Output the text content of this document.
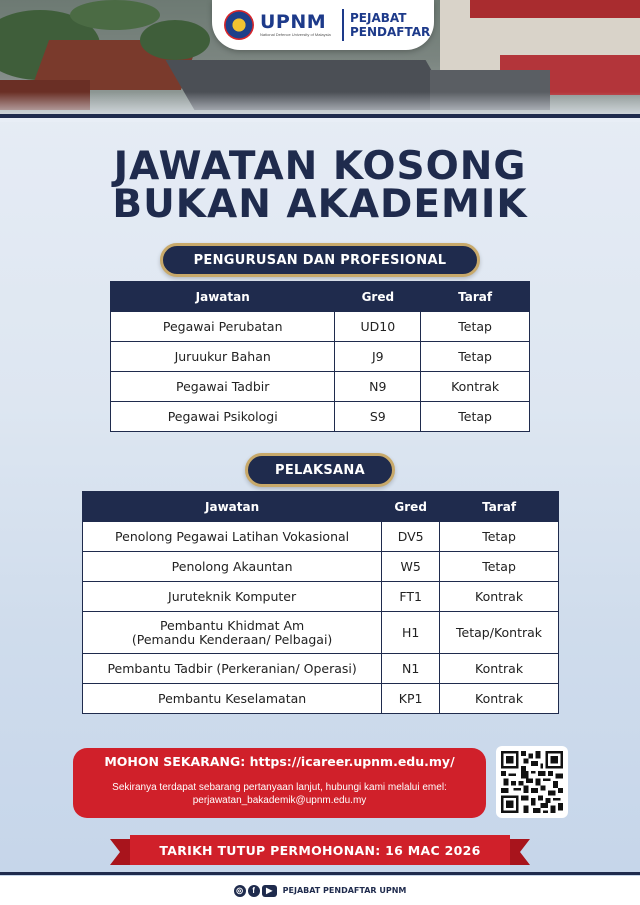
UPNM
National Defence University of Malaysia
PEJABAT
PENDAFTAR
JAWATAN KOSONG
BUKAN AKADEMIK
PENGURUSAN DAN PROFESIONAL
Jawatan	Gred	Taraf
Pegawai Perubatan	UD10	Tetap
Juruukur Bahan	J9	Tetap
Pegawai Tadbir	N9	Kontrak
Pegawai Psikologi	S9	Tetap
PELAKSANA
Jawatan	Gred	Taraf
Penolong Pegawai Latihan Vokasional	DV5	Tetap
Penolong Akauntan	W5	Tetap
Juruteknik Komputer	FT1	Kontrak

Pembantu Khidmat Am
(Pemandu Kenderaan/ Pelbagai)	H1	Tetap/Kontrak
Pembantu Tadbir (Perkeranian/ Operasi)	N1	Kontrak
Pembantu Keselamatan	KP1	Kontrak
MOHON SEKARANG: https://icareer.upnm.edu.my/
Sekiranya terdapat sebarang pertanyaan lanjut, hubungi kami melalui emel:
perjawatan_bakademik@upnm.edu.my
TARIKH TUTUP PERMOHONAN: 16 MAC 2026
◎	f	▶	PEJABAT PENDAFTAR UPNM
